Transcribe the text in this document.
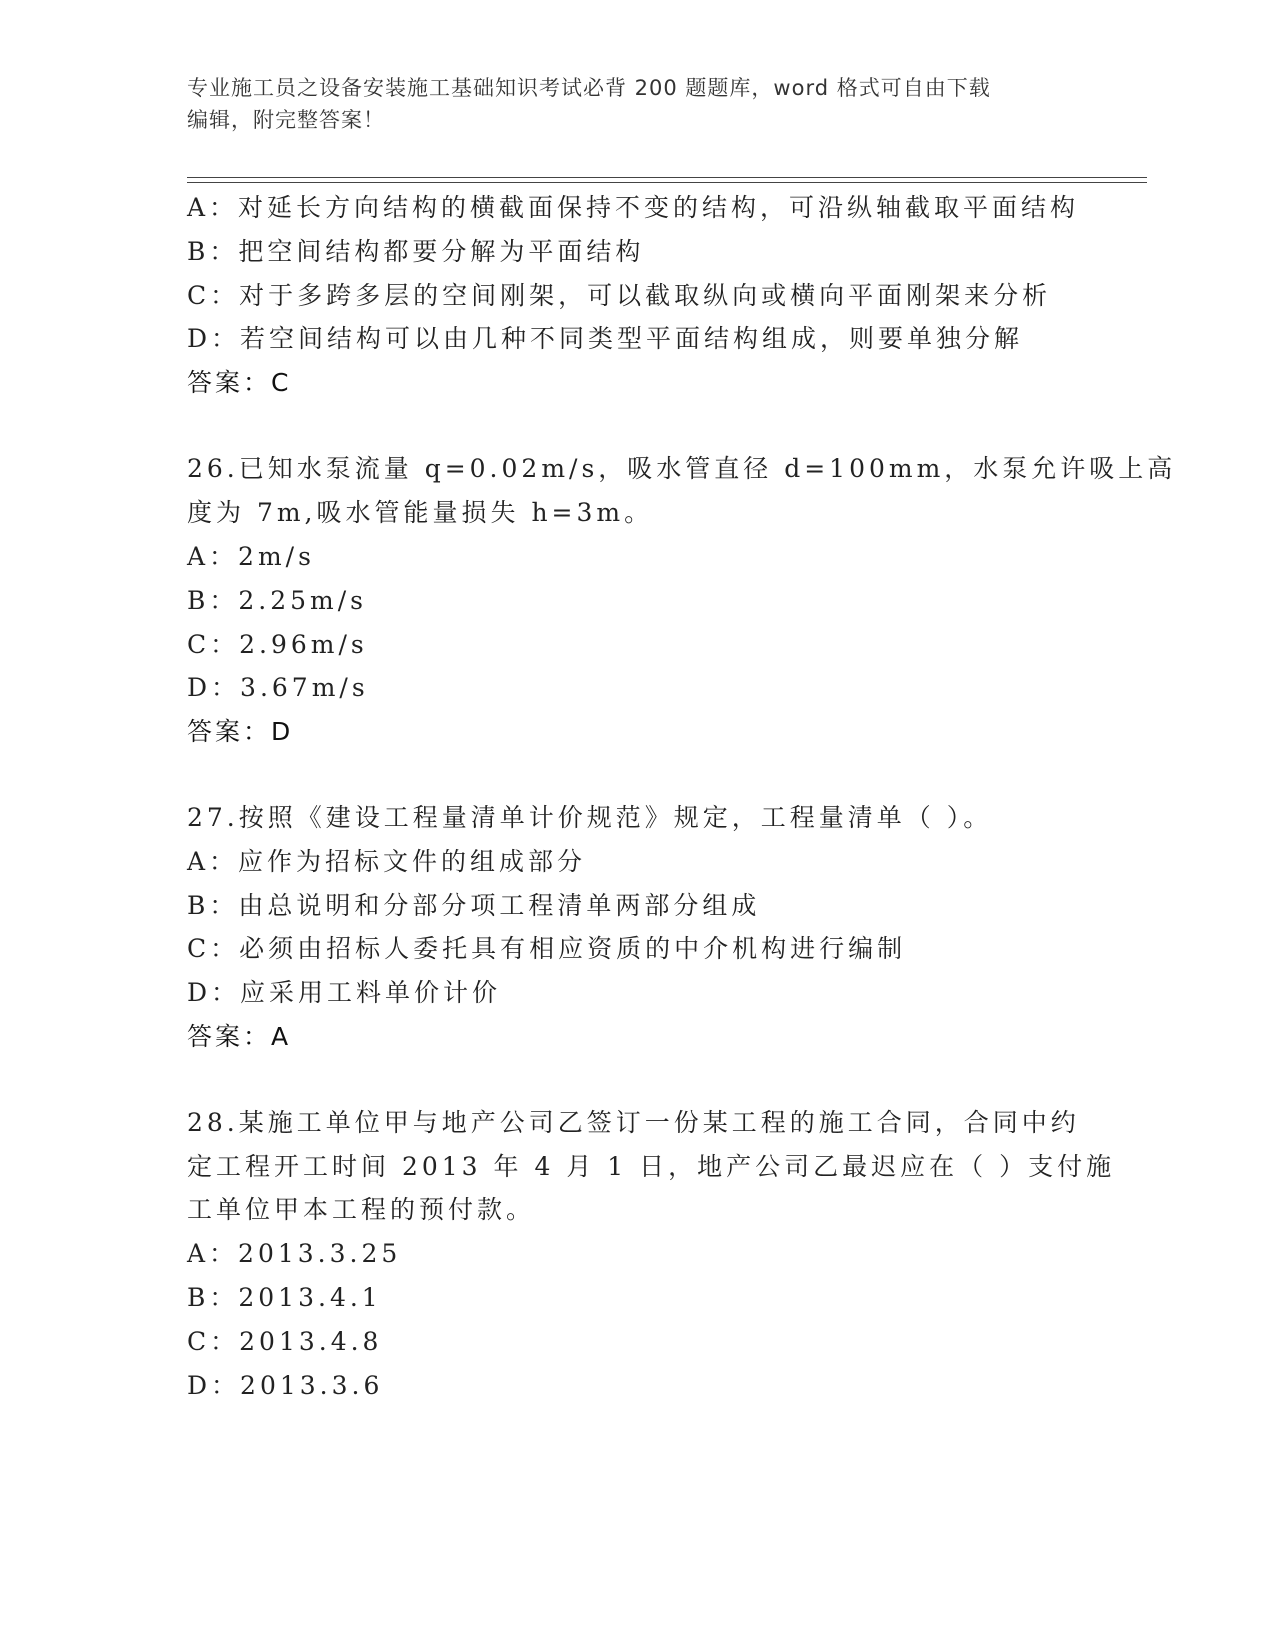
专业施工员之设备安装施工基础知识考试必背 200 题题库，word 格式可自由下载
编辑，附完整答案！
A：对延长方向结构的横截面保持不变的结构，可沿纵轴截取平面结构
B：把空间结构都要分解为平面结构
C：对于多跨多层的空间刚架，可以截取纵向或横向平面刚架来分析
D：若空间结构可以由几种不同类型平面结构组成，则要单独分解
答案：C
26.已知水泵流量 q=0.02m/s，吸水管直径 d=100mm，水泵允许吸上高
度为 7m,吸水管能量损失 h=3m。
A：2m/s
B：2.25m/s
C：2.96m/s
D：3.67m/s
答案：D
27.按照《建设工程量清单计价规范》规定，工程量清单（ ）。
A：应作为招标文件的组成部分
B：由总说明和分部分项工程清单两部分组成
C：必须由招标人委托具有相应资质的中介机构进行编制
D：应采用工料单价计价
答案：A
28.某施工单位甲与地产公司乙签订一份某工程的施工合同，合同中约
定工程开工时间 2013 年 4 月 1 日，地产公司乙最迟应在（ ）支付施
工单位甲本工程的预付款。
A：2013.3.25
B：2013.4.1
C：2013.4.8
D：2013.3.6
